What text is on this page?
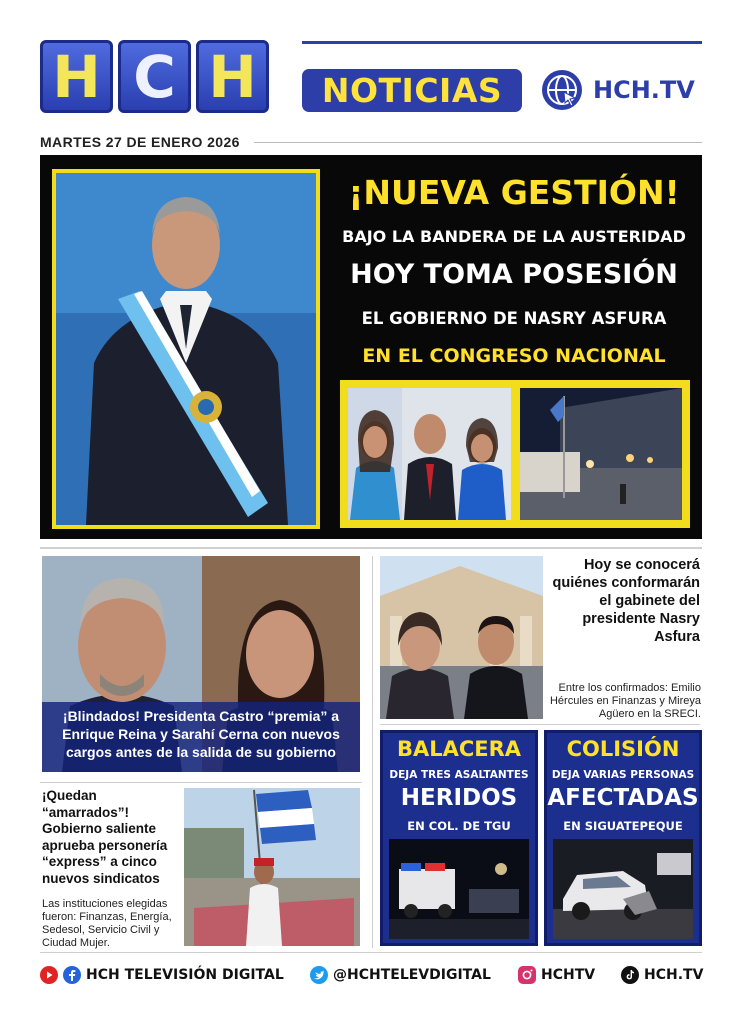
H C H NOTICIAS	HCH.TV
MARTES 27 DE ENERO 2026
¡NUEVA GESTIÓN!
BAJO LA BANDERA DE LA AUSTERIDAD
HOY TOMA POSESIÓN
EL GOBIERNO DE NASRY ASFURA
EN EL CONGRESO NACIONAL
¡Blindados! Presidenta Castro “premia” a Enrique Reina y Sarahí Cerna con nuevos cargos antes de la salida de su gobierno
Hoy se conocerá quiénes conformarán el gabinete del presidente Nasry Asfura
Entre los confirmados: Emilio Hércules en Finanzas y Mireya Agüero en la SRECI.
¡Quedan “amarrados”! Gobierno saliente aprueba personería “express” a cinco nuevos sindicatos
Las instituciones elegidas fueron: Finanzas, Energía, Sedesol, Servicio Civil y Ciudad Mujer.
BALACERA
DEJA TRES ASALTANTES
HERIDOS
EN COL. DE TGU
COLISIÓN
DEJA VARIAS PERSONAS
AFECTADAS
EN SIGUATEPEQUE
HCH TELEVISIÓN DIGITAL	@HCHTELEVDIGITAL	HCHTV	HCH.TV
